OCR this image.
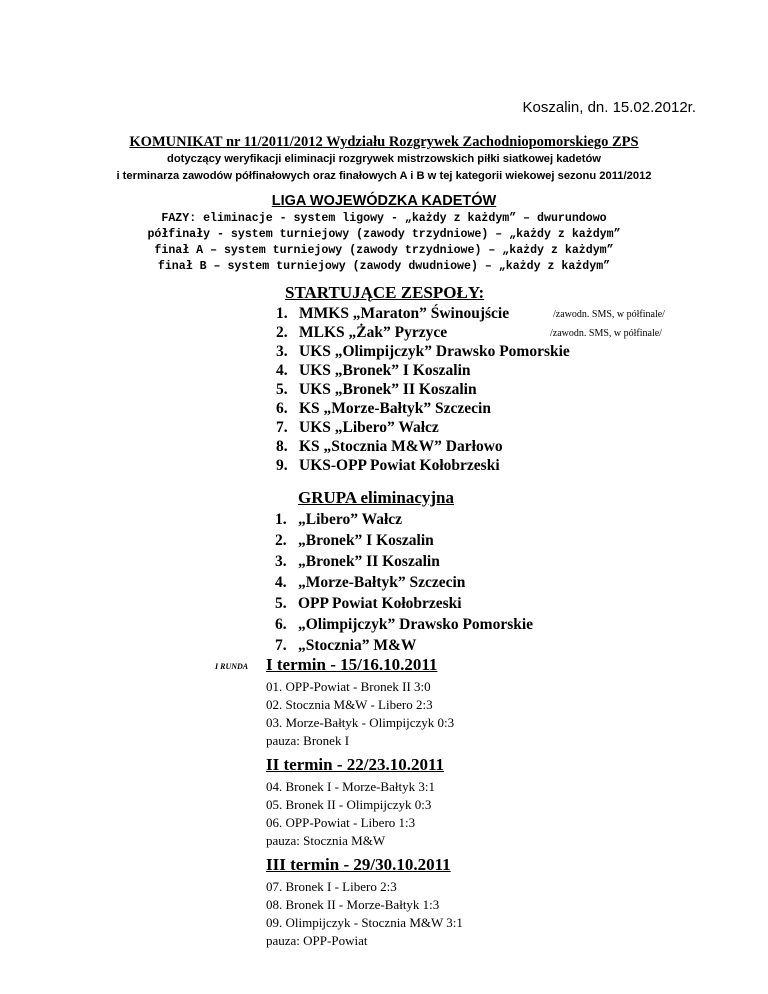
Koszalin, dn. 15.02.2012r.
KOMUNIKAT nr 11/2011/2012 Wydziału Rozgrywek Zachodniopomorskiego ZPS
dotyczący weryfikacji eliminacji rozgrywek mistrzowskich piłki siatkowej kadetów
i terminarza zawodów półfinałowych oraz finałowych A i B w tej kategorii wiekowej sezonu 2011/2012
LIGA WOJEWÓDZKA KADETÓW
FAZY: eliminacje - system ligowy - „każdy z każdym” – dwurundowo
półfinały - system turniejowy (zawody trzydniowe) – „każdy z każdym”
finał A – system turniejowy (zawody trzydniowe) – „każdy z każdym”
finał B – system turniejowy (zawody dwudniowe) – „każdy z każdym”
STARTUJĄCE ZESPOŁY:
1. MMKS „Maraton” Świnoujście	/zawodn. SMS, w półfinale/
2. MLKS „Żak” Pyrzyce	/zawodn. SMS, w półfinale/
3. UKS „Olimpijczyk” Drawsko Pomorskie
4. UKS „Bronek” I Koszalin
5. UKS „Bronek” II Koszalin
6. KS „Morze-Bałtyk” Szczecin
7. UKS „Libero” Wałcz
8. KS „Stocznia M&W” Darłowo
9. UKS-OPP Powiat Kołobrzeski
GRUPA eliminacyjna
1. „Libero” Wałcz
2. „Bronek” I Koszalin
3. „Bronek” II Koszalin
4. „Morze-Bałtyk” Szczecin
5. OPP Powiat Kołobrzeski
6. „Olimpijczyk” Drawsko Pomorskie
7. „Stocznia” M&W
I RUNDA I termin - 15/16.10.2011
01. OPP-Powiat - Bronek II 3:0
02. Stocznia M&W - Libero 2:3
03. Morze-Bałtyk - Olimpijczyk 0:3
pauza: Bronek I
II termin - 22/23.10.2011
04. Bronek I - Morze-Bałtyk 3:1
05. Bronek II - Olimpijczyk 0:3
06. OPP-Powiat - Libero 1:3
pauza: Stocznia M&W
III termin - 29/30.10.2011
07. Bronek I - Libero 2:3
08. Bronek II - Morze-Bałtyk 1:3
09. Olimpijczyk - Stocznia M&W 3:1
pauza: OPP-Powiat
